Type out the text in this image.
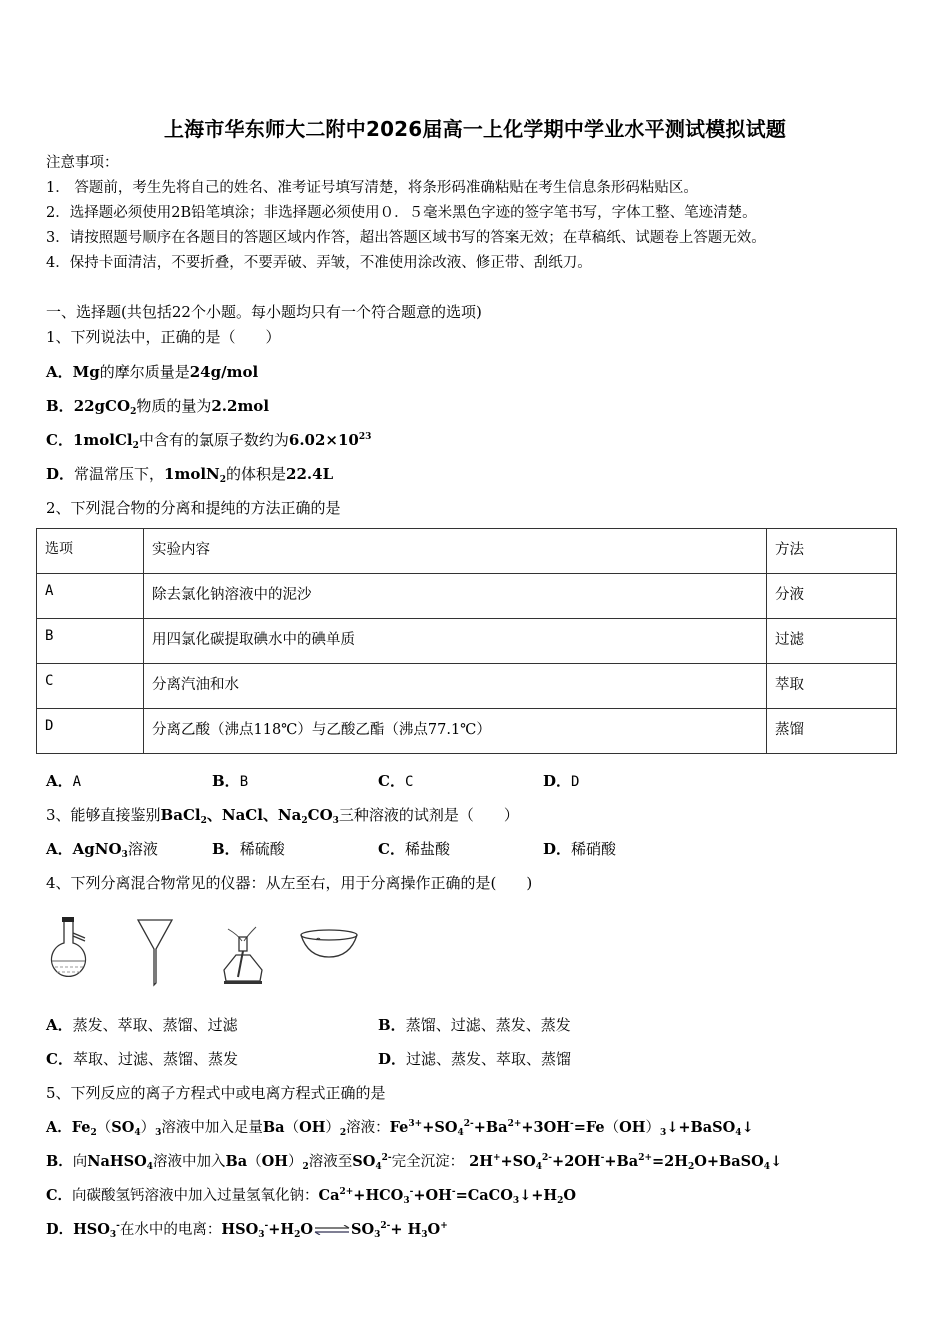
上海市华东师大二附中2026届高一上化学期中学业水平测试模拟试题
注意事项：
1． 答题前，考生先将自己的姓名、准考证号填写清楚，将条形码准确粘贴在考生信息条形码粘贴区。
2．选择题必须使用2B铅笔填涂；非选择题必须使用０．５毫米黑色字迹的签字笔书写，字体工整、笔迹清楚。
3．请按照题号顺序在各题目的答题区域内作答，超出答题区域书写的答案无效；在草稿纸、试题卷上答题无效。
4．保持卡面清洁，不要折叠，不要弄破、弄皱，不准使用涂改液、修正带、刮纸刀。
一、选择题(共包括22个小题。每小题均只有一个符合题意的选项)
1、下列说法中，正确的是（　　）
A．Mg的摩尔质量是24g/mol
B．22gCO$_2$物质的量为2.2mol
C．1molCl$_2$中含有的氯原子数约为$6.02\times 10^{23}$
D．常温常压下，1molN$_2$的体积是22.4L
2、下列混合物的分离和提纯的方法正确的是
选项	实验内容	方法
A	除去氯化钠溶液中的泥沙	分液
B	用四氯化碳提取碘水中的碘单质	过滤
C	分离汽油和水	萃取
D	分离乙酸（沸点118℃）与乙酸乙酯（沸点77.1℃）	蒸馏
A．A	B．B	C．C	D．D
3、能够直接鉴别BaCl$_2$、NaCl、$Na_2CO_3$三种溶液的试剂是（　　）
A．AgNO$_3$溶液	B．稀硫酸	C．稀盐酸	D．稀硝酸
4、下列分离混合物常见的仪器：从左至右，用于分离操作正确的是(　　)
A．蒸发、萃取、蒸馏、过滤	B．蒸馏、过滤、蒸发、蒸发
C．萃取、过滤、蒸馏、蒸发	D．过滤、蒸发、萃取、蒸馏
5、下列反应的离子方程式中或电离方程式正确的是
A．$Fe_2(SO_4)_3$溶液中加入足量$Ba(OH)_2$溶液：$Fe^{3+}+SO_4^{2-}+Ba^{2+}+3OH^-=Fe(OH)_3↓+BaSO_4↓$
B．向NaHSO$_4$溶液中加入$Ba(OH)_2$溶液至$SO_4^{2-}$完全沉淀： $2H^++SO_4^{2-}+2OH^-+Ba^{2+}=2H_2O+BaSO_4↓$
C．向碳酸氢钙溶液中加入过量氢氧化钠：$Ca^{2+}+HCO_3^-+OH^-=CaCO_3↓+H_2O$
D．$HSO_3^-$在水中的电离：$HSO_3^-+H_2O\rightleftharpoons SO_3^{2-}+ H_3O^+$
